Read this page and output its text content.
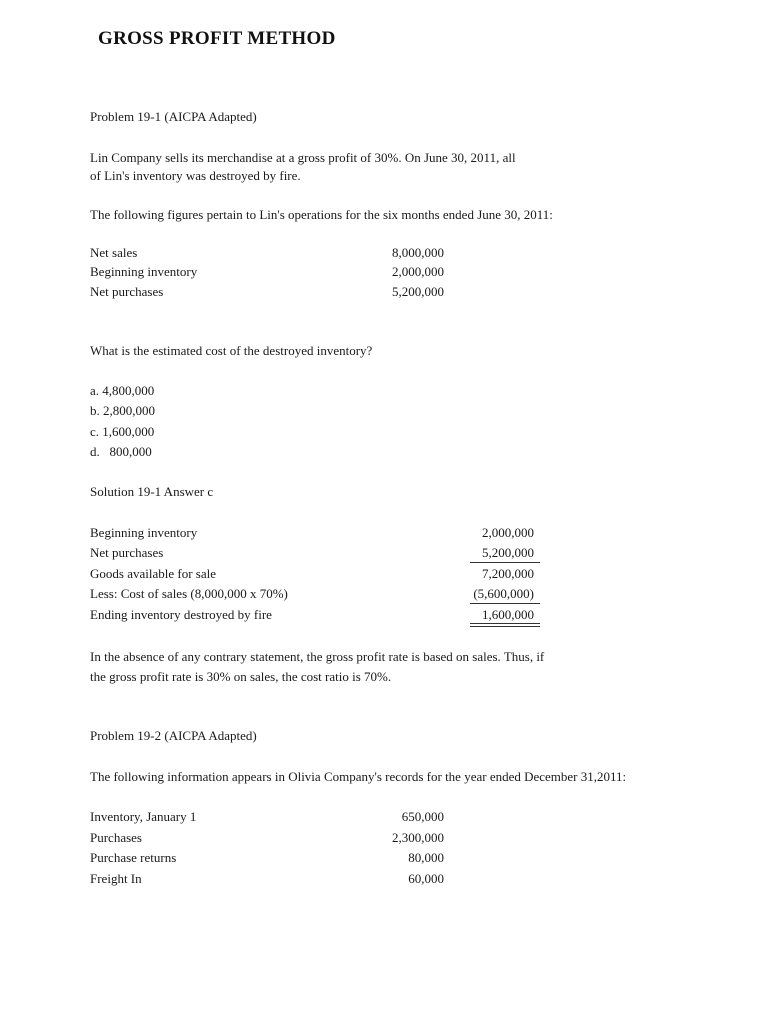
GROSS PROFIT METHOD
Problem 19-1 (AICPA Adapted)
Lin Company sells its merchandise at a gross profit of 30%. On June 30, 2011, all
of Lin's inventory was destroyed by fire.
The following figures pertain to Lin's operations for the six months ended June 30, 2011:
Net sales	8,000,000
Beginning inventory	2,000,000
Net purchases	5,200,000
What is the estimated cost of the destroyed inventory?
a. 4,800,000
b. 2,800,000
c. 1,600,000
d.   800,000
Solution 19-1 Answer c
Beginning inventory	2,000,000
Net purchases	5,200,000
Goods available for sale	7,200,000
Less: Cost of sales (8,000,000 x 70%)	(5,600,000)
Ending inventory destroyed by fire	1,600,000
In the absence of any contrary statement, the gross profit rate is based on sales. Thus, if
the gross profit rate is 30% on sales, the cost ratio is 70%.
Problem 19-2 (AICPA Adapted)
The following information appears in Olivia Company's records for the year ended December 31,2011:
Inventory, January 1	650,000
Purchases	2,300,000
Purchase returns	80,000
Freight In	60,000
